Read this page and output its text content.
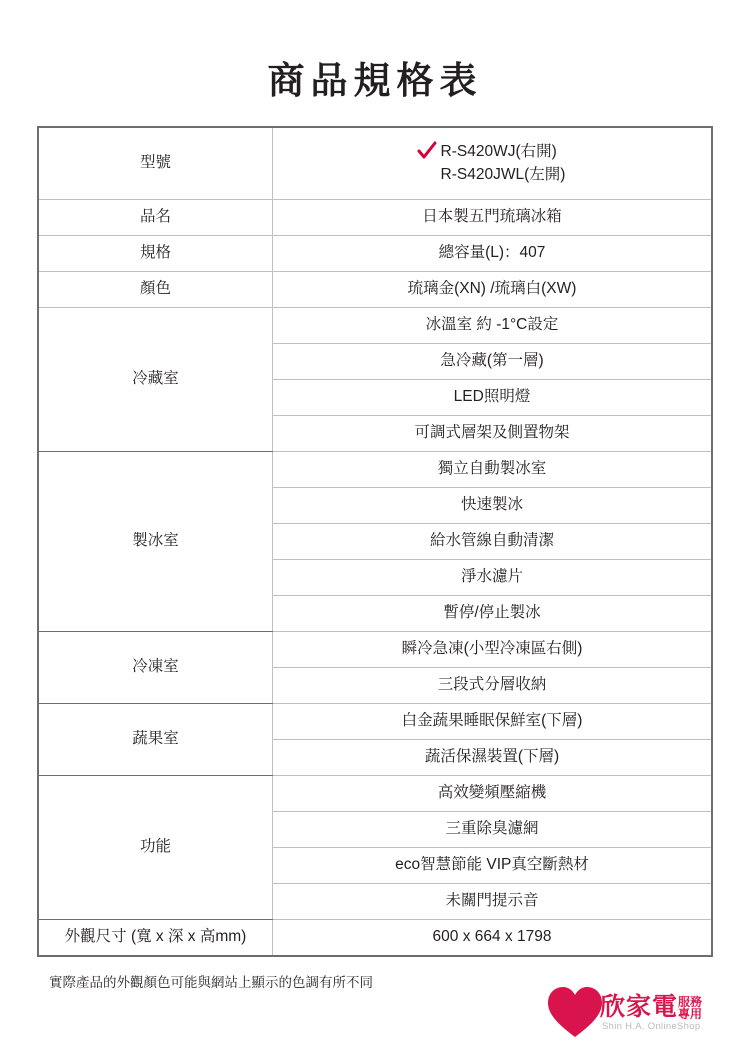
商品規格表
型號	R-S420WJ(右開)
R-S420JWL(左開)
品名	日本製五門琉璃冰箱
規格	總容量(L)：407
顏色	琉璃金(XN) /琉璃白(XW)
冷藏室	冰溫室 約 -1°C設定
	急冷藏(第一層)
	LED照明燈
	可調式層架及側置物架
製冰室	獨立自動製冰室
	快速製冰
	給水管線自動清潔
	淨水濾片
	暫停/停止製冰
冷凍室	瞬冷急凍(小型冷凍區右側)
	三段式分層收納
蔬果室	白金蔬果睡眠保鮮室(下層)
	蔬活保濕裝置(下層)
功能	高效變頻壓縮機
	三重除臭濾網
	eco智慧節能 VIP真空斷熱材
	未關門提示音
外觀尺寸 (寬 x 深 x 高mm)	600 x 664 x 1798
實際產品的外觀顏色可能與網站上顯示的色調有所不同
欣家電服務
專用
Shin H.A. OnlineShop
